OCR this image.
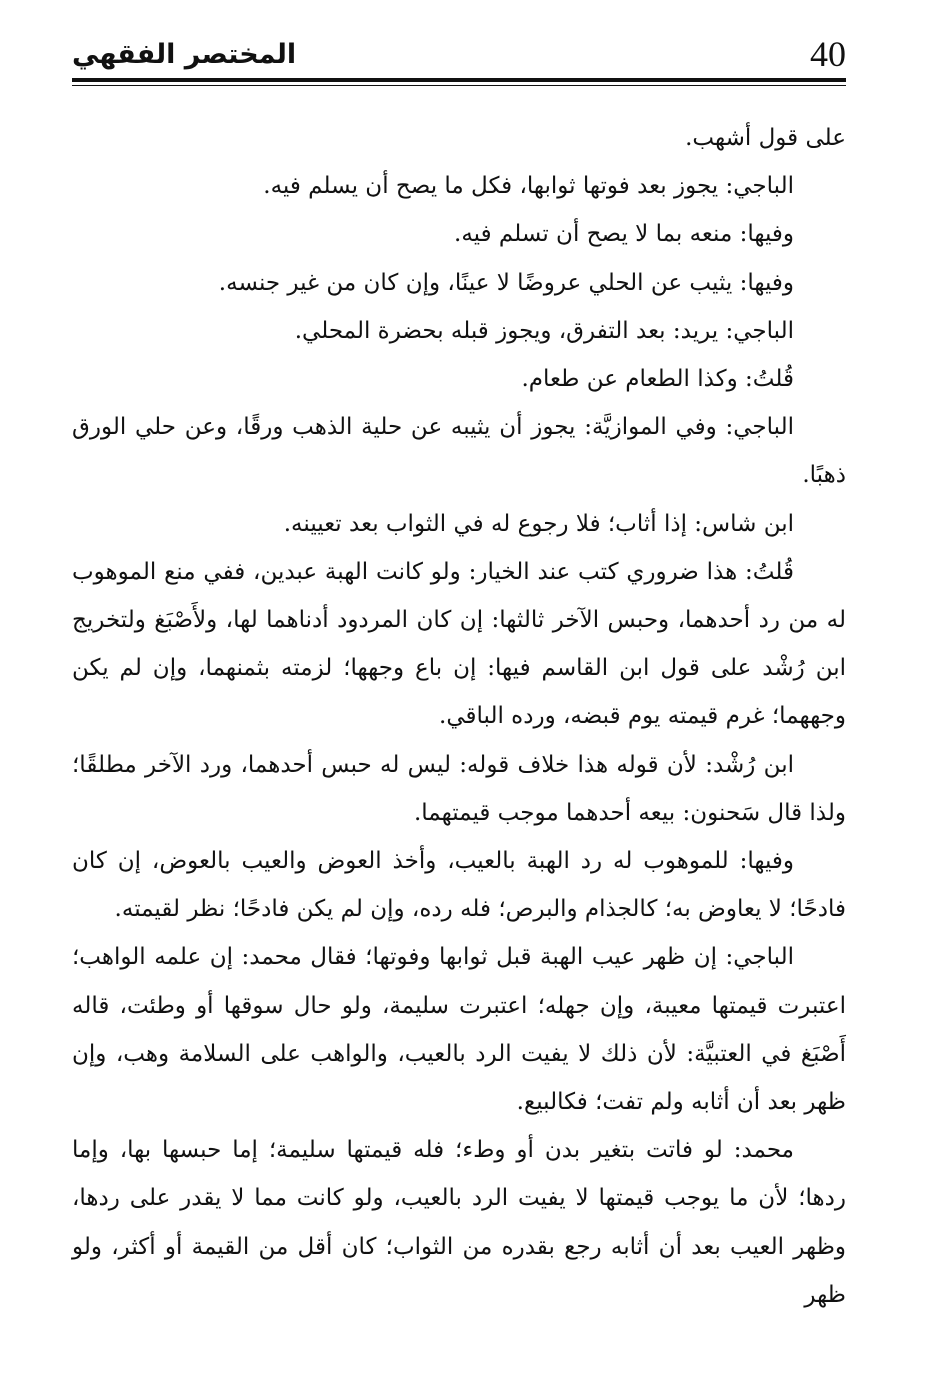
40
المختصر الفقهي

على قول أشهب.

الباجي: يجوز بعد فوتها ثوابها، فكل ما يصح أن يسلم فيه.

وفيها: منعه بما لا يصح أن تسلم فيه.

وفيها: يثيب عن الحلي عروضًا لا عينًا، وإن كان من غير جنسه.

الباجي: يريد: بعد التفرق، ويجوز قبله بحضرة المحلي.

قُلتُ: وكذا الطعام عن طعام.

الباجي: وفي الموازيَّة: يجوز أن يثيبه عن حلية الذهب ورقًا، وعن حلي الورق ذهبًا.

ابن شاس: إذا أثاب؛ فلا رجوع له في الثواب بعد تعيينه.

قُلتُ: هذا ضروري كتب عند الخيار: ولو كانت الهبة عبدين، ففي منع الموهوب له من رد أحدهما، وحبس الآخر ثالثها: إن كان المردود أدناهما لها، ولأَصْبَغ ولتخريج ابن رُشْد على قول ابن القاسم فيها: إن باع وجهها؛ لزمته بثمنهما، وإن لم يكن وجههما؛ غرم قيمته يوم قبضه، ورده الباقي.

ابن رُشْد: لأن قوله هذا خلاف قوله: ليس له حبس أحدهما، ورد الآخر مطلقًا؛ ولذا قال سَحنون: بيعه أحدهما موجب قيمتهما.

وفيها: للموهوب له رد الهبة بالعيب، وأخذ العوض والعيب بالعوض، إن كان فادحًا؛ لا يعاوض به؛ كالجذام والبرص؛ فله رده، وإن لم يكن فادحًا؛ نظر لقيمته.

الباجي: إن ظهر عيب الهبة قبل ثوابها وفوتها؛ فقال محمد: إن علمه الواهب؛ اعتبرت قيمتها معيبة، وإن جهله؛ اعتبرت سليمة، ولو حال سوقها أو وطئت، قاله أَصْبَغ في العتبيَّة: لأن ذلك لا يفيت الرد بالعيب، والواهب على السلامة وهب، وإن ظهر بعد أن أثابه ولم تفت؛ فكالبيع.

محمد: لو فاتت بتغير بدن أو وطء؛ فله قيمتها سليمة؛ إما حبسها بها، وإما ردها؛ لأن ما يوجب قيمتها لا يفيت الرد بالعيب، ولو كانت مما لا يقدر على ردها، وظهر العيب بعد أن أثابه رجع بقدره من الثواب؛ كان أقل من القيمة أو أكثر، ولو ظهر
